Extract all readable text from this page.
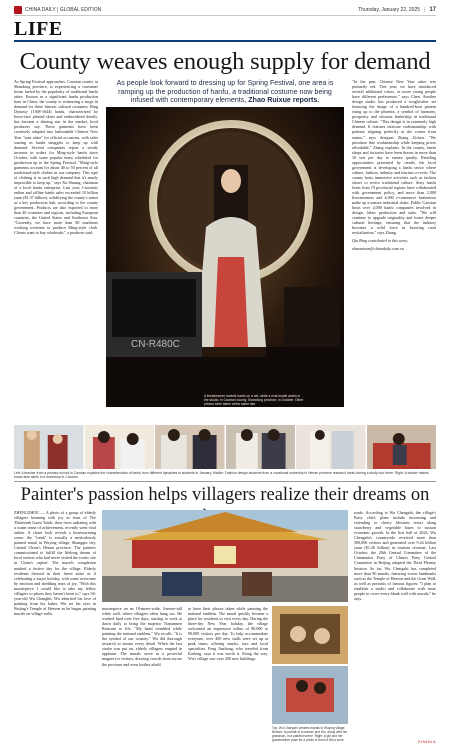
CHINA DAILY | GLOBAL EDITION	Thursday, January 22, 2025 | 17
LIFE
County weaves enough supply for demand

As Spring Festival approaches, Caoxian county in Shandong province, is experiencing a consumer boom fueled by the popularity of traditional hanfu attire. Known as a significant hanfu production base in China, the county is witnessing a surge in demand for these historic cultural costumes. Bing Dynasty (1368-1644) hanfu, characterized by horse-face pleated skirts and embroidered details, has become a shining star in the market, local producers say. These garments have been creatively adapted into fashionable Chinese New Year "start attire" for official occasions, with sales soaring as hanfu struggles to keep up with demand. Several companies report a steady increase in orders for Ming-style hanfu since October, with some popular items scheduled for production up to the Spring Festival. "Ming-style garments account for about 40 to 50 percent of all traditional-style clothes in our company. This type of clothing is in such high demand that it's nearly impossible to keep up," says Xu Shuang, chairman of a local hanfu enterprise. Last year, Caoxian's online and offline hanfu sales exceeded 10 billion yuan ($1.37 billion), solidifying the county's status as a key production hub, according to the county government. Products are also exported to more than 40 countries and regions, including European countries, the United States and Southeast Asia. "Currently, we have more than 80 machines working overtime to produce Ming-style cloth. Clients want to buy wholesale," a producer said.

As people look forward to dressing up for Spring Festival, one area is ramping up the production of hanfu, a traditional costume now being infused with contemporary elements, Zhao Ruixue reports.
CN-R480C
A livestreamer models hanfu on a set, while a rival model works in the studio, in Caoxian county, Shandong province, in October. Other photos were taken at the same site.

"In the past, Chinese New Year attire was primarily red. This year, we have introduced several additional colors, as more young people have different preferences," says Chen. Another design studio has produced a sought-after set featuring the image of a hundred-boat pattern rising up to the phoenix, a symbol of harmony, prosperity and virtuous leadership in traditional Chinese culture. "This design is in extremely high demand. It features intricate craftsmanship, with patterns aligning perfectly at the corner front seams," says designer Zhang Zichen. "We prioritize fine workmanship while keeping prices affordable," Zhang explains. In the county, hanfu shops and factories have been drawn in more than 10 sets per day to ensure quality. Retailing opportunities presented by trends, the local government is developing a hanfu sector where culture, fashion, industry and tourism co-exist. The county hosts immersive activities such as fashion shows to revive traditional culture. Sixty hanfu firms from 19 provincial regions have collaborated with government policy, and more than 2,000 livestreamers and 4,000 e-commerce businesses make up a mature industrial chain. Public Caoxian hosts over 2,000 hanfu companies involved in design, fabric production and sales. "We will continue to upgrade originality and foster deeper cultural heritage, ensuring that the industry becomes a solid force in boosting rural revitalization," says Zhang.

Qiu Bing contributed to this story.

zhaoruixue@chinadaily.com.cn

Left: A teacher from a primary school in Caoxian explains the characteristics of hanfu from different dynasties to students in January. Middle: Fashion design students from a vocational university in Henan province research hanfu during a study tour there. Right: A worker makes horse-face skirts in a workshop in Caoxian.
Painter's passion helps villagers realize their dreams on

ZHENGZHOU — A photo of a group of elderly villagers beaming with joy in front of The Thirteenth Guest Tomb, their faces radiating with a warm sense of achievement, recently went viral online. A closer look reveals a heartwarming scene: the "tomb" is actually a meticulously painted mural in Wuying village, Shangqiu city, Central China's Henan province. The painters commissioned to fulfill the lifelong dream of local seniors who had never visited the iconic site in China's capital. The mural's completion marked a festive day for the village. Elderly residents dressed in their finest attire as if celebrating a major holiday, with some overcome by emotion and shedding tears of joy. "With this masterpiece, I would like to take my fellow villagers to places they haven't been to," says 56-year-old Wu Changlin. Wu inherited his love of painting from his father. Wu set his eyes in Beijing's Temple of Heaven as he began painting murals on village walls.

masterpiece on an 18-meter-wide, 4-meter-tall white wall, where villagers often hang out. He worked hard over five days, starting to work at dawn daily to bring the majestic Tiananmen Rostrum to life. "My hand trembled while painting the national emblem," Wu recalls. "It is the symbol of our country." Wu did thorough research to ensure every detail. When the last stroke was put on, elderly villagers erupted in applause. The murals serve as a powerful magnet for visitors, drawing crowds from across the province and even further afield.

to have their photos taken while painting the national emblem. The mural quickly became a place for residents to visit every day. During the three-day New Year holiday, the village welcomed an impressive influx of 80,000 to 90,000 visitors per day. To help accommodate everyone, over 400 new stalls were set up at peak times, offering snacks, toys and local specialties. Feng Jinzhong, who traveled from Kaifeng, says it was worth it. Along the way, Wu's village saw over 200 new buildings.

Top: Wu Changzhi creates murals in Wuying village. Bottom: A portrait of a woman and Wu, along with her grandson, in a painted scene. Right: A girl and her grandmother pose for a photo in front of Wu's work.

roads. According to Wu Chengzhi, the village's Party chief, plans include increasing and extending to cherry blossom resort along strawberry and vegetable bases to sustain economic growth. In the first half of 2024, Wu Chengzhi's countryside received more than 500,000 visitors and generated over 9.24 billion yuan ($1.26 billion) in tourism revenue. Last October, the 20th Central Committee of the Communist Party of China's Party Central Committee in Beijing adopted the Third Plenary Session. So far, Wu Chengzhi has completed more than 90 murals, featuring iconic landmarks such as the Temple of Heaven and the Great Wall, as well as portraits of famous figures. "I plan to establish a studio and collaborate with more people to cover every blank wall with murals," he says.

XINHUA
